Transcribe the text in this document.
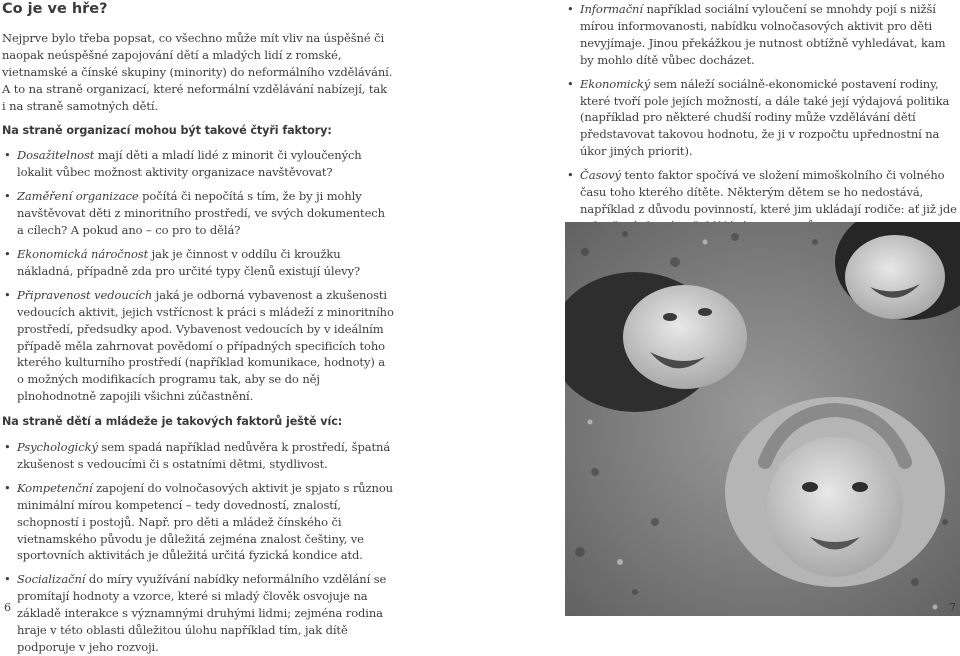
Co je ve hře?

Nejprve bylo třeba popsat, co všechno může mít vliv na úspěšné či naopak neúspěšné zapojování dětí a mladých lidí z romské, vietnamské a čínské skupiny (minority) do neformálního vzdělávání. A to na straně organizací, které neformální vzdělávání nabízejí, tak i na straně samotných dětí.

Na straně organizací mohou být takové čtyři faktory:

• Dosažitelnost mají děti a mladí lidé z minorit či vyloučených lokalit vůbec možnost aktivity organizace navštěvovat?
• Zaměření organizace počítá či nepočítá s tím, že by ji mohly navštěvovat děti z minoritního prostředí, ve svých dokumentech a cílech? A pokud ano – co pro to dělá?
• Ekonomická náročnost jak je činnost v oddílu či kroužku nákladná, případně zda pro určité typy členů existují úlevy?
• Připravenost vedoucích jaká je odborná vybavenost a zkušenosti vedoucích aktivit, jejich vstřícnost k práci s mládeží z minoritního prostředí, předsudky apod. Vybavenost vedoucích by v ideálním případě měla zahrnovat povědomí o případných specificích toho kterého kulturního prostředí (například komunikace, hodnoty) a o možných modifikacích programu tak, aby se do něj plnohodnotně zapojili všichni zúčastnění.

Na straně dětí a mládeže je takových faktorů ještě víc:

• Psychologický sem spadá například nedůvěra k prostředí, špatná zkušenost s vedoucími či s ostatními dětmi, stydlivost.
• Kompetenční zapojení do volnočasových aktivit je spjato s různou minimální mírou kompetencí – tedy dovedností, znalostí, schopností i postojů. Např. pro děti a mládež čínského či vietnamského původu je důležitá zejména znalost češtiny, ve sportovních aktivitách je důležitá určitá fyzická kondice atd.
• Socializační do míry využívání nabídky neformálního vzdělání se promítají hodnoty a vzorce, které si mladý člověk osvojuje na základě interakce s významnými druhými lidmi; zejména rodina hraje v této oblasti důležitou úlohu například tím, jak dítě podporuje v jeho rozvoji.
6
• Informační například sociální vyloučení se mnohdy pojí s nižší mírou informovanosti, nabídku volnočasových aktivit pro děti nevyjímaje. Jinou překážkou je nutnost obtížně vyhledávat, kam by mohlo dítě vůbec docházet.
• Ekonomický sem náleží sociálně-ekonomické postavení rodiny, které tvoří pole jejích možností, a dále také její výdajová politika (například pro některé chudší rodiny může vzdělávání dětí představovat takovou hodnotu, že ji v rozpočtu upřednostní na úkor jiných priorit).
• Časový tento faktor spočívá ve složení mimoškolního či volného času toho kterého dítěte. Některým dětem se ho nedostává, například z důvodu povinností, které jim ukládají rodiče: ať již jde
7
